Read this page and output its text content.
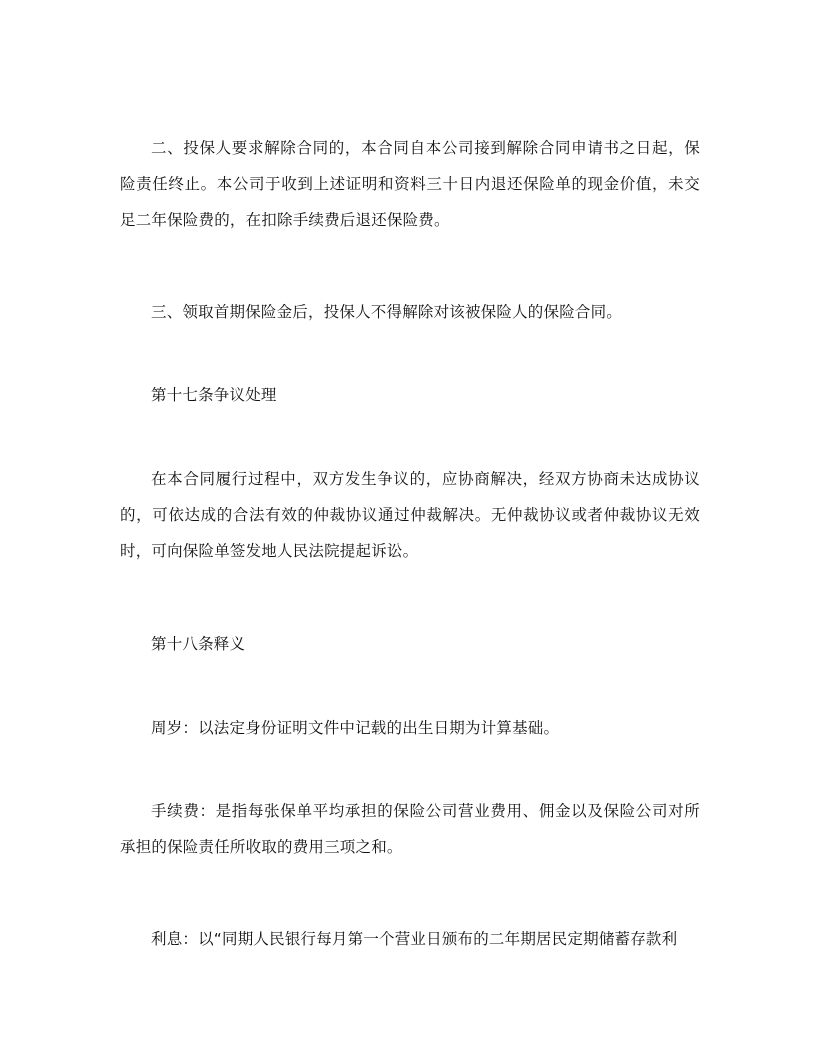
二、投保人要求解除合同的，本合同自本公司接到解除合同申请书之日起，保险责任终止。本公司于收到上述证明和资料三十日内退还保险单的现金价值，未交足二年保险费的，在扣除手续费后退还保险费。

三、领取首期保险金后，投保人不得解除对该被保险人的保险合同。

第十七条争议处理

在本合同履行过程中，双方发生争议的，应协商解决，经双方协商未达成协议的，可依达成的合法有效的仲裁协议通过仲裁解决。无仲裁协议或者仲裁协议无效时，可向保险单签发地人民法院提起诉讼。

第十八条释义

周岁：以法定身份证明文件中记载的出生日期为计算基础。

手续费：是指每张保单平均承担的保险公司营业费用、佣金以及保险公司对所承担的保险责任所收取的费用三项之和。

利息：以“同期人民银行每月第一个营业日颁布的二年期居民定期储蓄存款利
